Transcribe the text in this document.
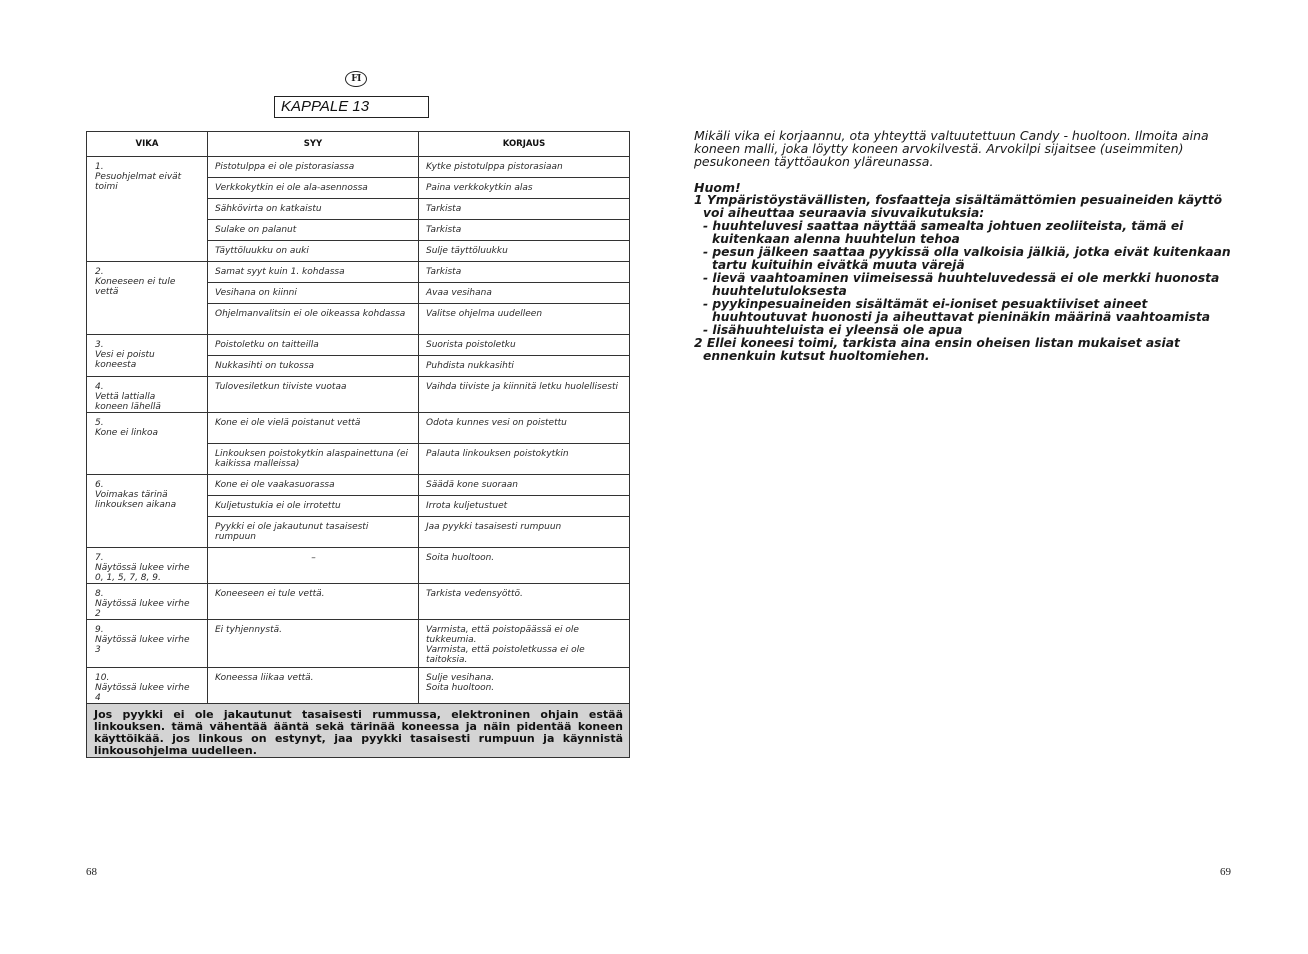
FI
KAPPALE 13
VIKA	SYY	KORJAUS
1.Pesuohjelmat eivät toimi	Pistotulppa ei ole pistorasiassa	Kytke pistotulppa pistorasiaan
	Verkkokytkin ei ole ala-asennossa	Paina verkkokytkin alas
	Sähkövirta on katkaistu	Tarkista
	Sulake on palanut	Tarkista
	Täyttöluukku on auki	Sulje täyttöluukku
2.Koneeseen ei tule vettä	Samat syyt kuin 1. kohdassa	Tarkista
	Vesihana on kiinni	Avaa vesihana
	Ohjelmanvalitsin ei ole oikeassa kohdassa	Valitse ohjelma uudelleen
3.Vesi ei poistu koneesta	Poistoletku on taitteilla	Suorista poistoletku
	Nukkasihti on tukossa	Puhdista nukkasihti
4.Vettä lattialla koneen lähellä	Tulovesiletkun tiiviste vuotaa	Vaihda tiiviste ja kiinnitä letku huolellisesti
5.Kone ei linkoa	Kone ei ole vielä poistanut vettä	Odota kunnes vesi on poistettu
	Linkouksen poistokytkin alaspainettuna (ei kaikissa malleissa)	Palauta linkouksen poistokytkin
6.Voimakas tärinä linkouksen aikana	Kone ei ole vaakasuorassa	Säädä kone suoraan
	Kuljetustukia ei ole irrotettu	Irrota kuljetustuet
	Pyykki ei ole jakautunut tasaisesti rumpuun	Jaa pyykki tasaisesti rumpuun
7.Näytössä lukee virhe 0, 1, 5, 7, 8, 9.	–	Soita huoltoon.
8.Näytössä lukee virhe 2	Koneeseen ei tule vettä.	Tarkista vedensyöttö.
9.Näytössä lukee virhe 3	Ei tyhjennystä.	Varmista, että poistopäässä ei ole tukkeumia.
Varmista, että poistoletkussa ei ole taitoksia.

10.Näytössä lukee virhe 4	Koneessa liikaa vettä.	Sulje vesihana.
Soita huoltoon.

Jos pyykki ei ole jakautunut tasaisesti rummussa, elektroninen ohjain estää linkouksen. tämä vähentää ääntä sekä tärinää koneessa ja näin pidentää koneen käyttöikää. jos linkous on estynyt, jaa pyykki tasaisesti rumpuun ja käynnistä linkousohjelma uudelleen.		

Mikäli vika ei korjaannu, ota yhteyttä valtuutettuun Candy - huoltoon. Ilmoita aina koneen malli, joka löytty koneen arvokilvestä. Arvokilpi sijaitsee (useimmiten) pesukoneen täyttöaukon yläreunassa.

Huom!

1 Ympäristöystävällisten, fosfaatteja sisältämättömien pesuaineiden käyttö voi aiheuttaa seuraavia sivuvaikutuksia:
- huuhteluvesi saattaa näyttää samealta johtuen zeoliiteista, tämä ei kuitenkaan alenna huuhtelun tehoa
- pesun jälkeen saattaa pyykissä olla valkoisia jälkiä, jotka eivät kuitenkaan tartu kuituihin eivätkä muuta värejä
- lievä vaahtoaminen viimeisessä huuhteluvedessä ei ole merkki huonosta huuhtelutuloksesta
- pyykinpesuaineiden sisältämät ei-ioniset pesuaktiiviset aineet huuhtoutuvat huonosti ja aiheuttavat pieninäkin määrinä vaahtoamista
- lisähuuhteluista ei yleensä ole apua
2 Ellei koneesi toimi, tarkista aina ensin oheisen listan mukaiset asiat ennenkuin kutsut huoltomiehen.
68	69
